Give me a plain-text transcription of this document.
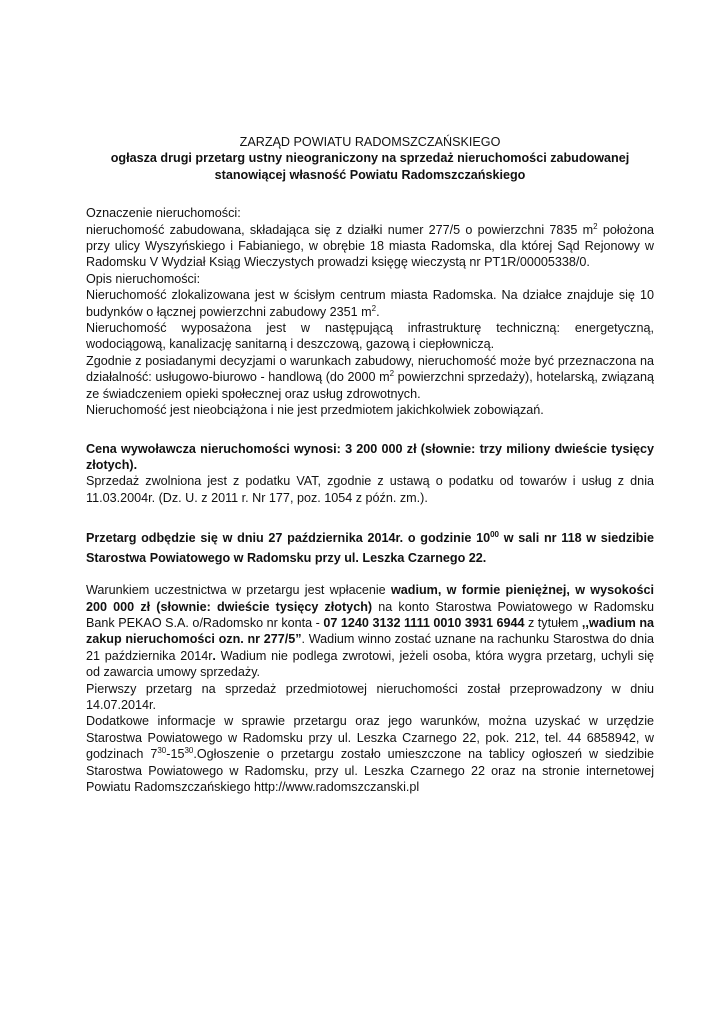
ZARZĄD POWIATU RADOMSZCZAŃSKIEGO

ogłasza drugi przetarg ustny nieograniczony na sprzedaż nieruchomości zabudowanej

stanowiącej własność Powiatu Radomszczańskiego

Oznaczenie nieruchomości:

nieruchomość zabudowana, składająca się z działki numer 277/5 o powierzchni 7835 $m^2$ położona przy ulicy Wyszyńskiego i Fabianiego, w obrębie 18 miasta Radomska, dla której Sąd Rejonowy w Radomsku V Wydział Ksiąg Wieczystych prowadzi księgę wieczystą nr PT1R/00005338/0.

Opis nieruchomości:

Nieruchomość zlokalizowana jest w ścisłym centrum miasta Radomska. Na działce znajduje się 10 budynków o łącznej powierzchni zabudowy 2351 $m^2$.

Nieruchomość wyposażona jest w następującą infrastrukturę techniczną: energetyczną, wodociągową, kanalizację sanitarną i deszczową, gazową i ciepłowniczą.

Zgodnie z posiadanymi decyzjami o warunkach zabudowy, nieruchomość może być przeznaczona na działalność: usługowo-biurowo - handlową (do 2000 $m^2$ powierzchni sprzedaży), hotelarską, związaną ze świadczeniem opieki społecznej oraz usług zdrowotnych.

Nieruchomość jest nieobciążona i nie jest przedmiotem jakichkolwiek zobowiązań.

Cena wywoławcza nieruchomości wynosi: 3 200 000 zł (słownie: trzy miliony dwieście tysięcy złotych).

Sprzedaż zwolniona jest z podatku VAT, zgodnie z ustawą o podatku od towarów i usług z dnia 11.03.2004r. (Dz. U. z 2011 r. Nr 177, poz. 1054 z późn. zm.).

Przetarg odbędzie się w dniu 27 października 2014r. o godzinie $10^{00}$ w sali nr 118 w siedzibie Starostwa Powiatowego w Radomsku przy ul. Leszka Czarnego 22.

Warunkiem uczestnictwa w przetargu jest wpłacenie wadium, w formie pieniężnej, w wysokości 200 000 zł (słownie: dwieście tysięcy złotych) na konto Starostwa Powiatowego w Radomsku Bank PEKAO S.A. o/Radomsko nr konta - 07 1240 3132 1111 0010 3931 6944 z tytułem ,,wadium na zakup nieruchomości ozn. nr 277/5”. Wadium winno zostać uznane na rachunku Starostwa do dnia 21 października 2014r. Wadium nie podlega zwrotowi, jeżeli osoba, która wygra przetarg, uchyli się od zawarcia umowy sprzedaży.

Pierwszy przetarg na sprzedaż przedmiotowej nieruchomości został przeprowadzony w dniu 14.07.2014r.

Dodatkowe informacje w sprawie przetargu oraz jego warunków, można uzyskać w urzędzie Starostwa Powiatowego w Radomsku przy ul. Leszka Czarnego 22, pok. 212, tel. 44 6858942, w godzinach $7^{30}-15^{30}.Ogłoszenie$ o przetargu zostało umieszczone na tablicy ogłoszeń w siedzibie Starostwa Powiatowego w Radomsku, przy ul. Leszka Czarnego 22 oraz na stronie internetowej Powiatu Radomszczańskiego http://www.radomszczanski.pl
